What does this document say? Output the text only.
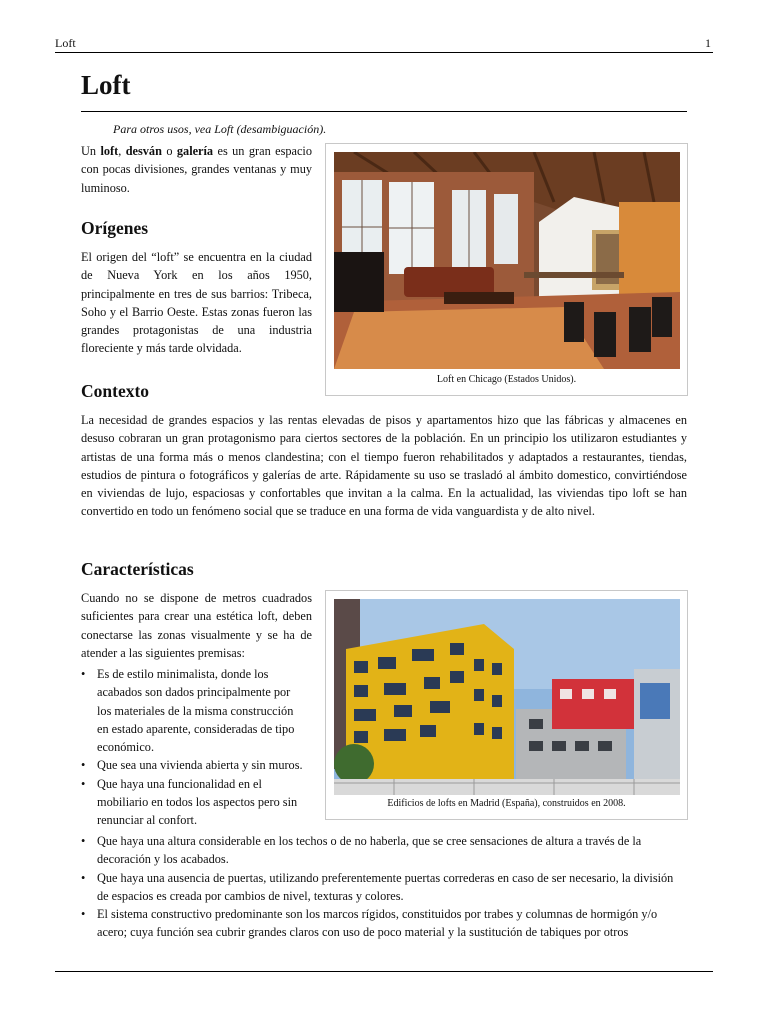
Loft	1
Loft
Para otros usos, vea Loft (desambiguación).

Un loft, desván o galería es un gran espacio con pocas divisiones, grandes ventanas y muy luminoso.

Orígenes

El origen del “loft” se encuentra en la ciudad de Nueva York en los años 1950, principalmente en tres de sus barrios: Tribeca, Soho y el Barrio Oeste. Estas zonas fueron las grandes protagonistas de una industria floreciente y más tarde olvidada.

Loft en Chicago (Estados Unidos).
Contexto

La necesidad de grandes espacios y las rentas elevadas de pisos y apartamentos hizo que las fábricas y almacenes en desuso cobraran un gran protagonismo para ciertos sectores de la población. En un principio los utilizaron estudiantes y artistas de una forma más o menos clandestina; con el tiempo fueron rehabilitados y adaptados a restaurantes, tiendas, estudios de pintura o fotográficos y galerías de arte. Rápidamente su uso se trasladó al ámbito domestico, convirtiéndose en viviendas de lujo, espaciosas y confortables que invitan a la calma. En la actualidad, las viviendas tipo loft se han convertido en todo un fenómeno social que se traduce en una forma de vida vanguardista y de alto nivel.

Características

Cuando no se dispone de metros cuadrados suficientes para crear una estética loft, deben conectarse las zonas visualmente y se ha de atender a las siguientes premisas:

Edificios de lofts en Madrid (España), construidos en 2008.
• Es de estilo minimalista, donde los acabados son dados principalmente por los materiales de la misma construcción en estado aparente, consideradas de tipo económico.
• Que sea una vivienda abierta y sin muros.
• Que haya una funcionalidad en el mobiliario en todos los aspectos pero sin renunciar al confort.
• Que haya una altura considerable en los techos o de no haberla, que se cree sensaciones de altura a través de la decoración y los acabados.
• Que haya una ausencia de puertas, utilizando preferentemente puertas correderas en caso de ser necesario, la división de espacios es creada por cambios de nivel, texturas y colores.
• El sistema constructivo predominante son los marcos rígidos, constituidos por trabes y columnas de hormigón y/o acero; cuya función sea cubrir grandes claros con uso de poco material y la sustitución de tabiques por otros
